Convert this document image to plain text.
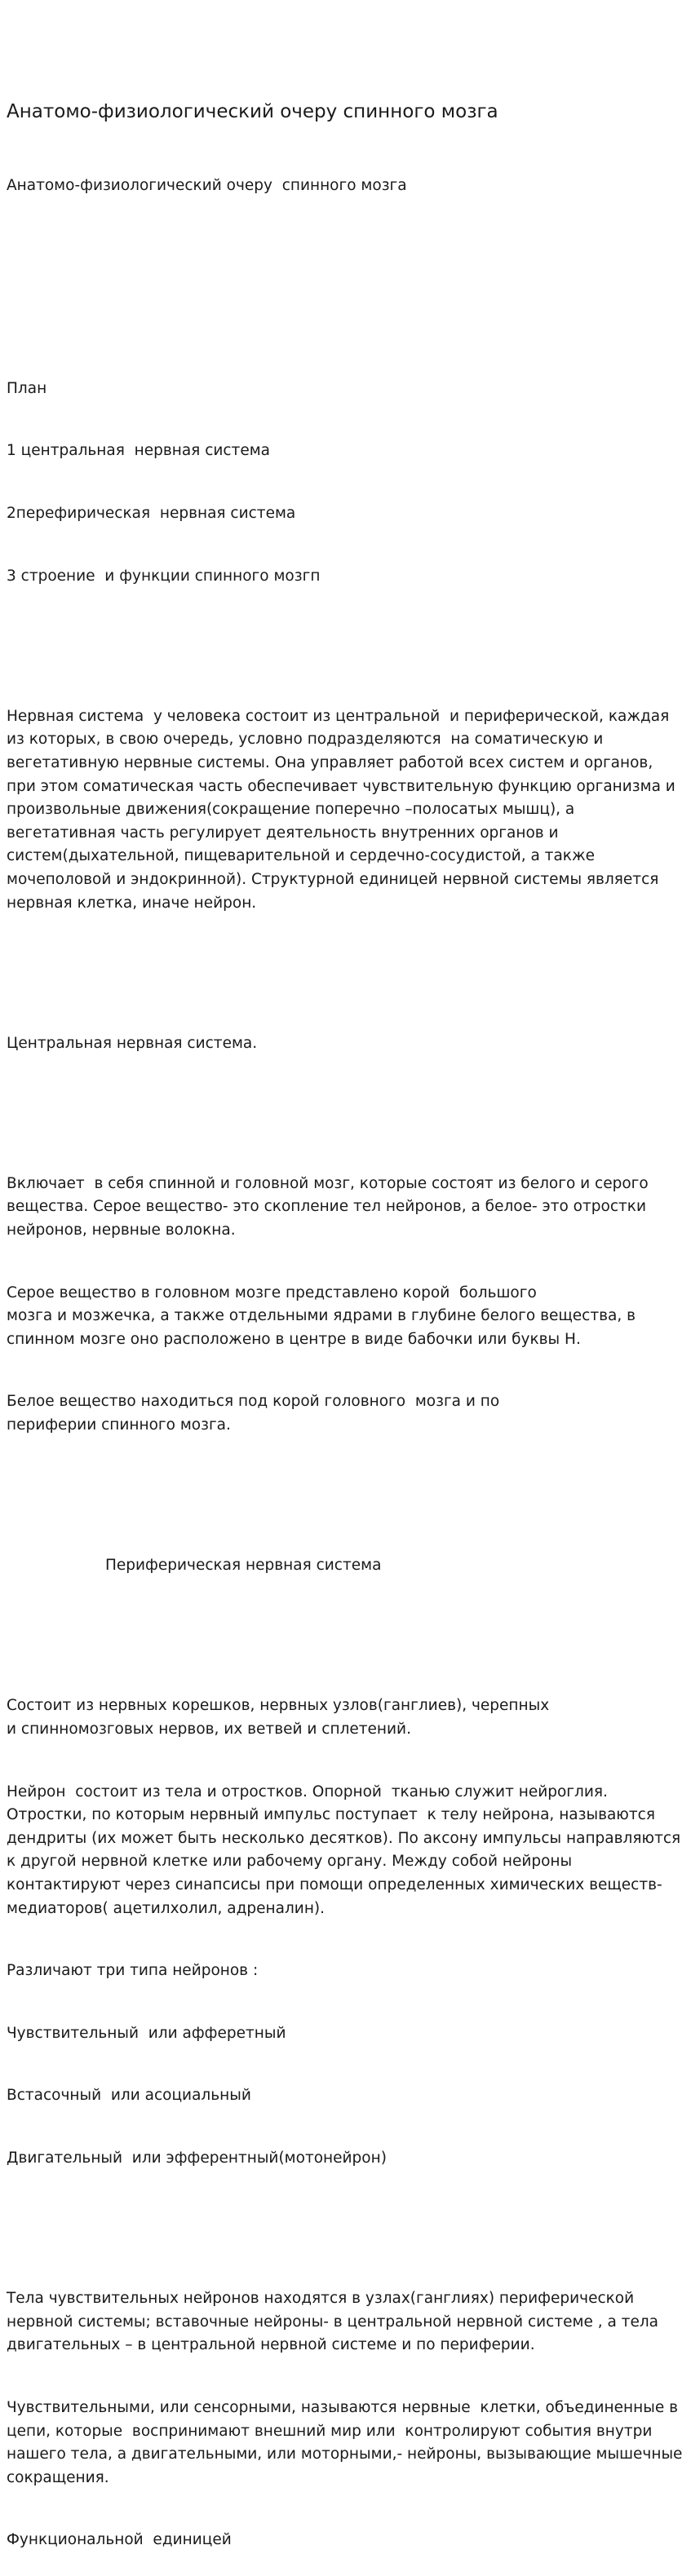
Анатомо-физиологический очеру спинного мозга

Анатомо-физиологический очеру  спинного мозга

План

1 центральная  нервная система

2перефирическая  нервная система

3 строение  и функции спинного мозгп

Нервная система  у человека состоит из центральной  и периферической, каждая из которых, в свою очередь, условно подразделяются  на соматическую и вегетативную нервные системы. Она управляет работой всех систем и органов, при этом соматическая часть обеспечивает чувствительную функцию организма и произвольные движения(сокращение поперечно –полосатых мышц), а вегетативная часть регулирует деятельность внутренних органов и систем(дыхательной, пищеварительной и сердечно-сосудистой, а также мочеполовой и эндокринной). Структурной единицей нервной системы является нервная клетка, иначе нейрон.

Центральная нервная система.

Включает  в себя спинной и головной мозг, которые состоят из белого и серого вещества. Серое вещество- это скопление тел нейронов, а белое- это отростки нейронов, нервные волокна.

Серое вещество в головном мозге представлено корой  большого
мозга и мозжечка, а также отдельными ядрами в глубине белого вещества, в спинном мозге оно расположено в центре в виде бабочки или буквы Н.

Белое вещество находиться под корой головного  мозга и по
периферии спинного мозга.

Периферическая нервная система

Состоит из нервных корешков, нервных узлов(ганглиев), черепных
и спинномозговых нервов, их ветвей и сплетений.

Нейрон  состоит из тела и отростков. Опорной  тканью служит нейроглия. Отростки, по которым нервный импульс поступает  к телу нейрона, называются дендриты (их может быть несколько десятков). По аксону импульсы направляются к другой нервной клетке или рабочему органу. Между собой нейроны контактируют через синапсисы при помощи определенных химических веществ- медиаторов( ацетилхолил, адреналин).

Различают три типа нейронов :

Чувствительный  или афферетный

Встасочный  или асоциальный

Двигательный  или эфферентный(мотонейрон)

Тела чувствительных нейронов находятся в узлах(ганглиях) периферической нервной системы; вставочные нейроны- в центральной нервной системе , а тела двигательных – в центральной нервной системе и по периферии.

Чувствительными, или сенсорными, называются нервные  клетки, объединенные в цепи, которые  воспринимают внешний мир или  контролируют события внутри нашего тела, а двигательными, или моторными,- нейроны, вызывающие мышечные сокращения.

Функциональной  единицей
